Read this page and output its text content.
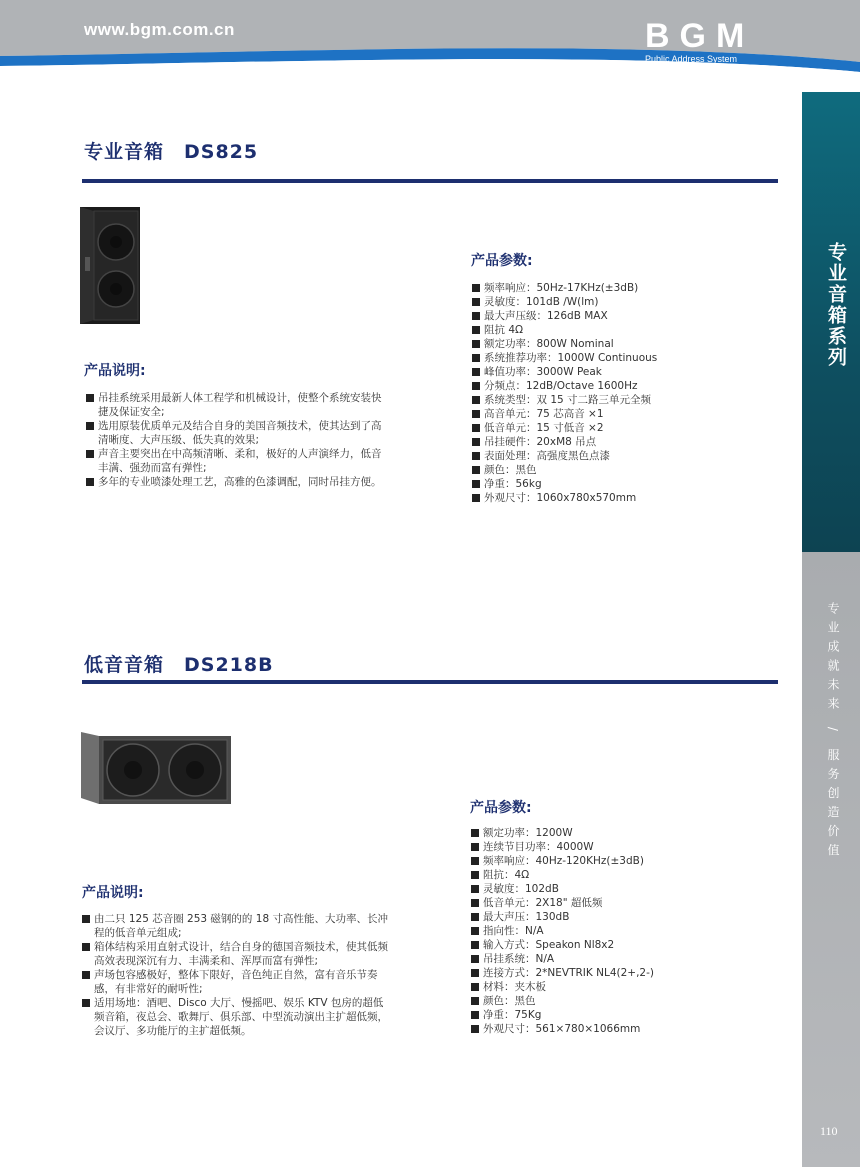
www.bgm.com.cn	BGM
Public Address System
专业音箱系列
专业成就未来 / 服务创造价值
110
专业音箱　DS825
产品说明:
吊挂系统采用最新人体工程学和机械设计，使整个系统安装快捷及保证安全;
选用原装优质单元及结合自身的美国音频技术，使其达到了高清晰度、大声压级、低失真的效果;
声音主要突出在中高频清晰、柔和，极好的人声演绎力，低音丰满、强劲而富有弹性;
多年的专业喷漆处理工艺，高雅的色漆调配，同时吊挂方便。
产品参数:
频率响应：50Hz-17KHz(±3dB)
灵敏度：101dB /W(lm)
最大声压级：126dB MAX
阻抗 4Ω
额定功率：800W Nominal
系统推荐功率：1000W Continuous
峰值功率：3000W Peak
分频点：12dB/Octave 1600Hz
系统类型：双 15 寸二路三单元全频
高音单元：75 芯高音 ×1
低音单元：15 寸低音 ×2
吊挂硬件：20xM8 吊点
表面处理：高强度黑色点漆
颜色：黑色
净重：56kg
外观尺寸：1060x780x570mm
低音音箱　DS218B
产品说明:
由二只 125 芯音圈 253 磁钢的的 18 寸高性能、大功率、长冲程的低音单元组成;
箱体结构采用直射式设计，结合自身的德国音频技术，使其低频高效表现深沉有力、丰满柔和、浑厚而富有弹性;
声场包容感极好，整体下限好，音色纯正自然，富有音乐节奏感，有非常好的耐听性;
适用场地：酒吧、Disco 大厅、慢摇吧、娱乐 KTV 包房的超低频音箱，夜总会、歌舞厅、俱乐部、中型流动演出主扩超低频，会议厅、多功能厅的主扩超低频。
产品参数:
额定功率：1200W
连续节目功率：4000W
频率响应：40Hz-120KHz(±3dB)
阻抗：4Ω
灵敏度：102dB
低音单元：2X18" 超低频
最大声压：130dB
指向性：N/A
输入方式：Speakon Nl8x2
吊挂系统：N/A
连接方式：2*NEVTRIK NL4(2+,2-)
材料：夹木板
颜色：黑色
净重：75Kg
外观尺寸：561×780×1066mm
